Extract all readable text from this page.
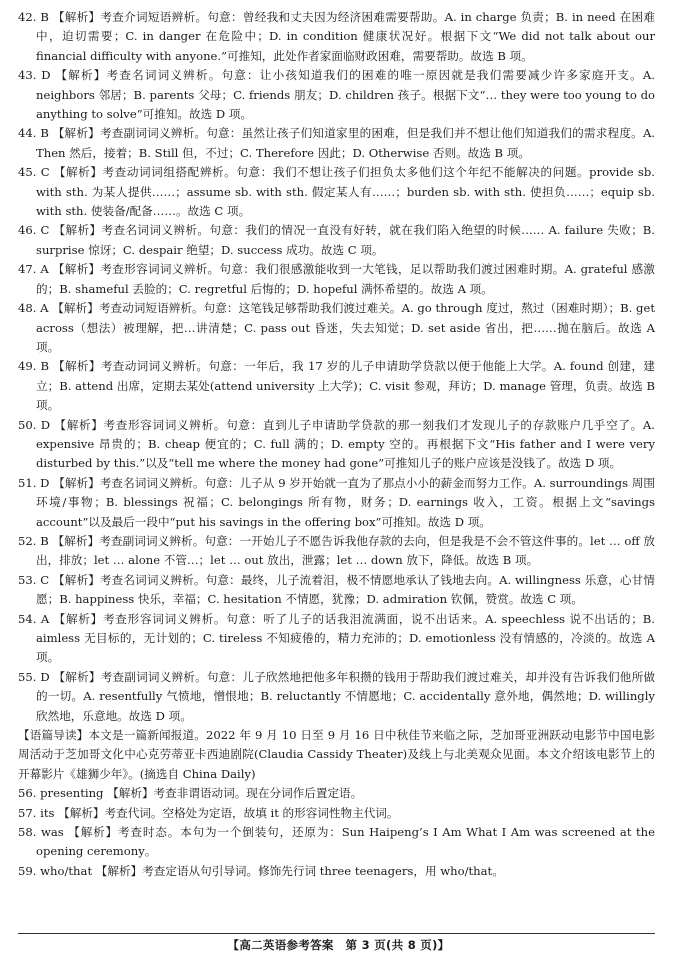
42. B 【解析】考查介词短语辨析。句意：曾经我和丈夫因为经济困难需要帮助。A. in charge 负责；B. in need 在困难中，迫切需要；C. in danger 在危险中；D. in condition 健康状况好。根据下文“We did not talk about our financial difficulty with anyone.”可推知，此处作者家面临财政困难，需要帮助。故选 B 项。

43. D 【解析】考查名词词义辨析。句意：让小孩知道我们的困难的唯一原因就是我们需要减少许多家庭开支。A. neighbors 邻居；B. parents 父母；C. friends 朋友；D. children 孩子。根据下文“… they were too young to do anything to solve”可推知。故选 D 项。

44. B 【解析】考查副词词义辨析。句意：虽然让孩子们知道家里的困难，但是我们并不想让他们知道我们的需求程度。A. Then 然后，接着；B. Still 但，不过；C. Therefore 因此；D. Otherwise 否则。故选 B 项。

45. C 【解析】考查动词词组搭配辨析。句意：我们不想让孩子们担负太多他们这个年纪不能解决的问题。provide sb. with sth. 为某人提供……；assume sb. with sth. 假定某人有……；burden sb. with sth. 使担负……；equip sb. with sth. 使装备/配备……。故选 C 项。

46. C 【解析】考查名词词义辨析。句意：我们的情况一直没有好转，就在我们陷入绝望的时候…… A. failure 失败；B. surprise 惊讶；C. despair 绝望；D. success 成功。故选 C 项。

47. A 【解析】考查形容词词义辨析。句意：我们很感激能收到一大笔钱，足以帮助我们渡过困难时期。A. grateful 感激的；B. shameful 丢脸的；C. regretful 后悔的；D. hopeful 满怀希望的。故选 A 项。

48. A 【解析】考查动词短语辨析。句意：这笔钱足够帮助我们渡过难关。A. go through 度过，熬过（困难时期）；B. get across（想法）被理解，把…讲清楚；C. pass out 昏迷，失去知觉；D. set aside 省出，把……抛在脑后。故选 A 项。

49. B 【解析】考查动词词义辨析。句意：一年后，我 17 岁的儿子申请助学贷款以便于他能上大学。A. found 创建，建立；B. attend 出席，定期去某处(attend university 上大学)；C. visit 参观，拜访；D. manage 管理，负责。故选 B 项。

50. D 【解析】考查形容词词义辨析。句意：直到儿子申请助学贷款的那一刻我们才发现儿子的存款账户几乎空了。A. expensive 昂贵的；B. cheap 便宜的；C. full 满的；D. empty 空的。再根据下文“His father and I were very disturbed by this.”以及“tell me where the money had gone”可推知儿子的账户应该是没钱了。故选 D 项。

51. D 【解析】考查名词词义辨析。句意：儿子从 9 岁开始就一直为了那点小小的薪金而努力工作。A. surroundings 周围环境/事物；B. blessings 祝福；C. belongings 所有物，财务；D. earnings 收入，工资。根据上文“savings account”以及最后一段中“put his savings in the offering box”可推知。故选 D 项。

52. B 【解析】考查副词词义辨析。句意：一开始儿子不愿告诉我他存款的去向，但是我是不会不管这件事的。let … off 放出，排放；let … alone 不管…；let … out 放出，泄露；let … down 放下，降低。故选 B 项。

53. C 【解析】考查名词词义辨析。句意：最终，儿子流着泪，极不情愿地承认了钱地去向。A. willingness 乐意，心甘情愿；B. happiness 快乐，幸福；C. hesitation 不情愿，犹豫；D. admiration 钦佩，赞赏。故选 C 项。

54. A 【解析】考查形容词词义辨析。句意：听了儿子的话我泪流满面，说不出话来。A. speechless 说不出话的；B. aimless 无目标的，无计划的；C. tireless 不知疲倦的，精力充沛的；D. emotionless 没有情感的，冷淡的。故选 A 项。

55. D 【解析】考查副词词义辨析。句意：儿子欣然地把他多年积攒的钱用于帮助我们渡过难关，却并没有告诉我们他所做的一切。A. resentfully 气愤地，憎恨地；B. reluctantly 不情愿地；C. accidentally 意外地，偶然地；D. willingly 欣然地，乐意地。故选 D 项。

【语篇导读】本文是一篇新闻报道。2022 年 9 月 10 日至 9 月 16 日中秋佳节来临之际，芝加哥亚洲跃动电影节中国电影周活动于芝加哥文化中心克劳蒂亚卡西迪剧院(Claudia Cassidy Theater)及线上与北美观众见面。本文介绍该电影节上的开幕影片《雄狮少年》。(摘选自 China Daily)

56. presenting 【解析】考查非谓语动词。现在分词作后置定语。

57. its 【解析】考查代词。空格处为定语，故填 it 的形容词性物主代词。

58. was 【解析】考查时态。本句为一个倒装句，还原为：Sun Haipeng’s I Am What I Am was screened at the opening ceremony。

59. who/that 【解析】考查定语从句引导词。修饰先行词 three teenagers，用 who/that。

【高二英语参考答案　第 3 页(共 8 页)】
